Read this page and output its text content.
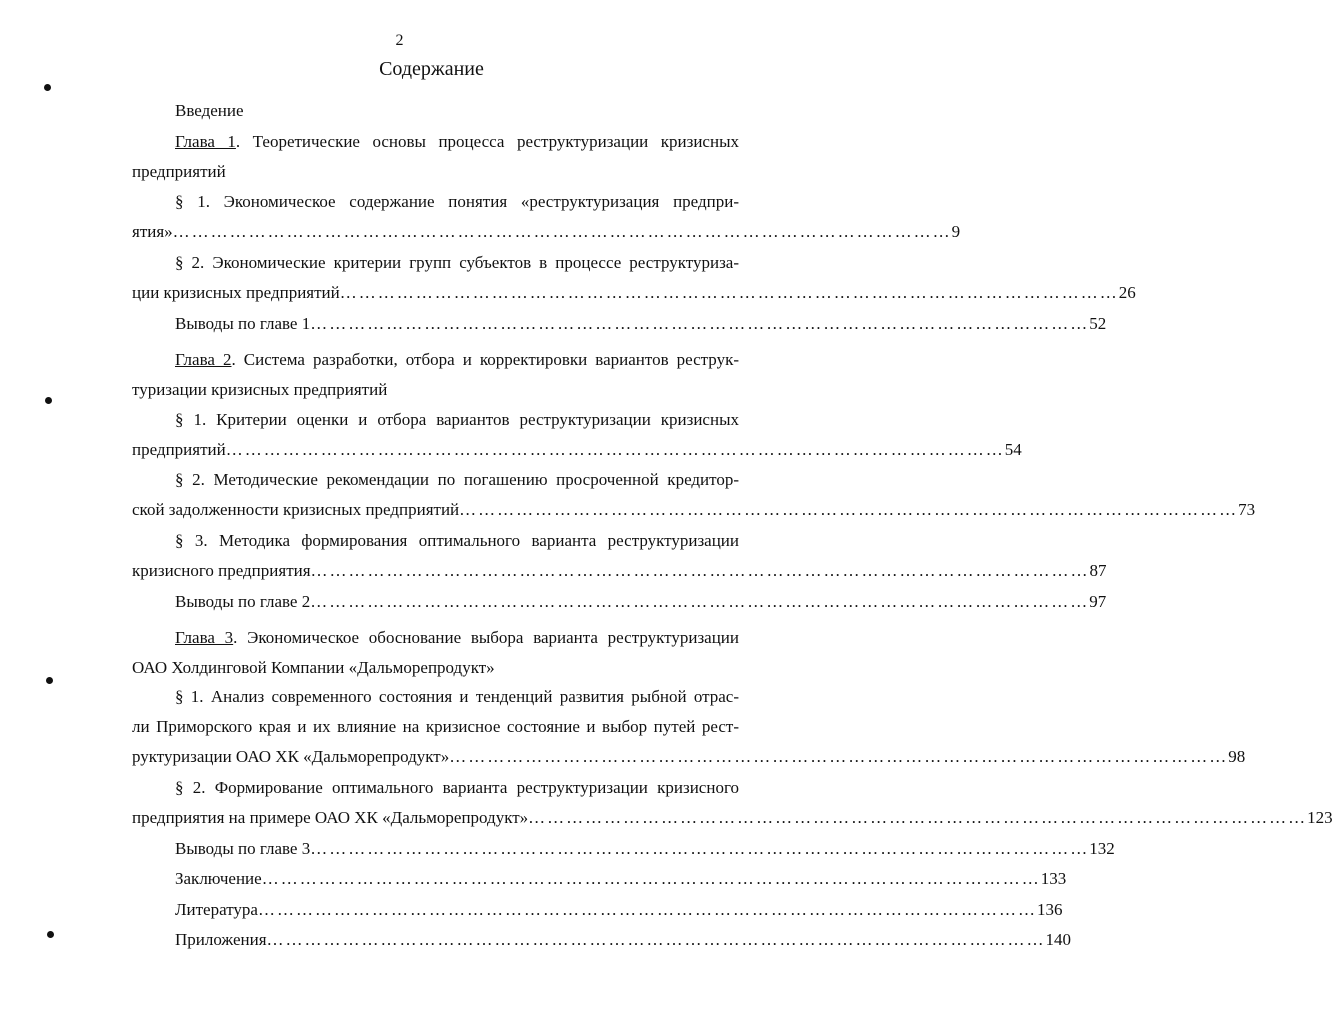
2
Содержание
Введение
Глава 1. Теоретические основы процесса реструктуризации кризисных
предприятий
§ 1. Экономическое содержание понятия «реструктуризация предпри-
ятия» …………………………………………………………………………………………………………… 9
§ 2. Экономические критерии групп субъектов в процессе реструктуриза-
ции кризисных предприятий …………………………………………………………………………………………………………… 26
Выводы по главе 1 …………………………………………………………………………………………………………… 52
Глава 2. Система разработки, отбора и корректировки вариантов реструк-
туризации кризисных предприятий
§ 1. Критерии оценки и отбора вариантов реструктуризации кризисных
предприятий …………………………………………………………………………………………………………… 54
§ 2. Методические рекомендации по погашению просроченной кредитор-
ской задолженности кризисных предприятий …………………………………………………………………………………………………………… 73
§ 3. Методика формирования оптимального варианта реструктуризации
кризисного предприятия …………………………………………………………………………………………………………… 87
Выводы по главе 2 …………………………………………………………………………………………………………… 97
Глава 3. Экономическое обоснование выбора варианта реструктуризации
ОАО Холдинговой Компании «Дальморепродукт»
§ 1. Анализ современного состояния и тенденций развития рыбной отрас-
ли Приморского края и их влияние на кризисное состояние и выбор путей рест-
руктуризации ОАО ХК «Дальморепродукт» …………………………………………………………………………………………………………… 98
§ 2. Формирование оптимального варианта реструктуризации кризисного
предприятия на примере ОАО ХК «Дальморепродукт» …………………………………………………………………………………………………………… 123
Выводы по главе 3 …………………………………………………………………………………………………………… 132
Заключение …………………………………………………………………………………………………………… 133
Литература …………………………………………………………………………………………………………… 136
Приложения …………………………………………………………………………………………………………… 140
